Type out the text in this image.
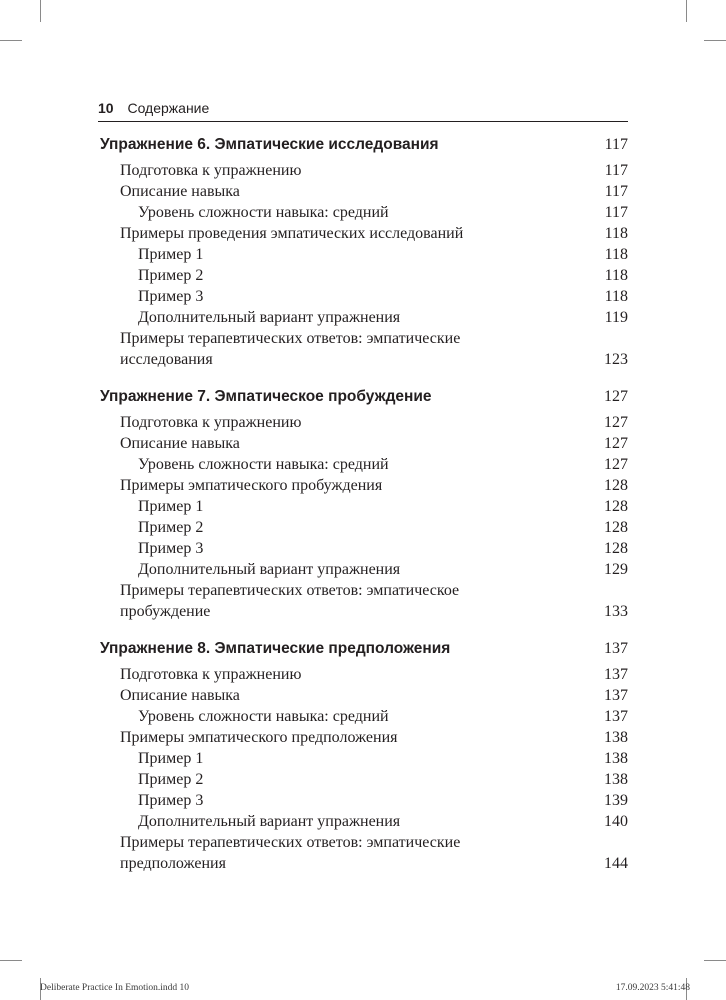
10 Содержание
Упражнение 6. Эмпатические исследования	117
Подготовка к упражнению	117
Описание навыка	117
Уровень сложности навыка: средний	117
Примеры проведения эмпатических исследований	118
Пример 1	118
Пример 2	118
Пример 3	118
Дополнительный вариант упражнения	119
Примеры терапевтических ответов: эмпатические исследования	123
Упражнение 7. Эмпатическое пробуждение	127
Подготовка к упражнению	127
Описание навыка	127
Уровень сложности навыка: средний	127
Примеры эмпатического пробуждения	128
Пример 1	128
Пример 2	128
Пример 3	128
Дополнительный вариант упражнения	129
Примеры терапевтических ответов: эмпатическое пробуждение	133
Упражнение 8. Эмпатические предположения	137
Подготовка к упражнению	137
Описание навыка	137
Уровень сложности навыка: средний	137
Примеры эмпатического предположения	138
Пример 1	138
Пример 2	138
Пример 3	139
Дополнительный вариант упражнения	140
Примеры терапевтических ответов: эмпатические предположения	144
Deliberate Practice In Emotion.indd 10	17.09.2023 5:41:48
